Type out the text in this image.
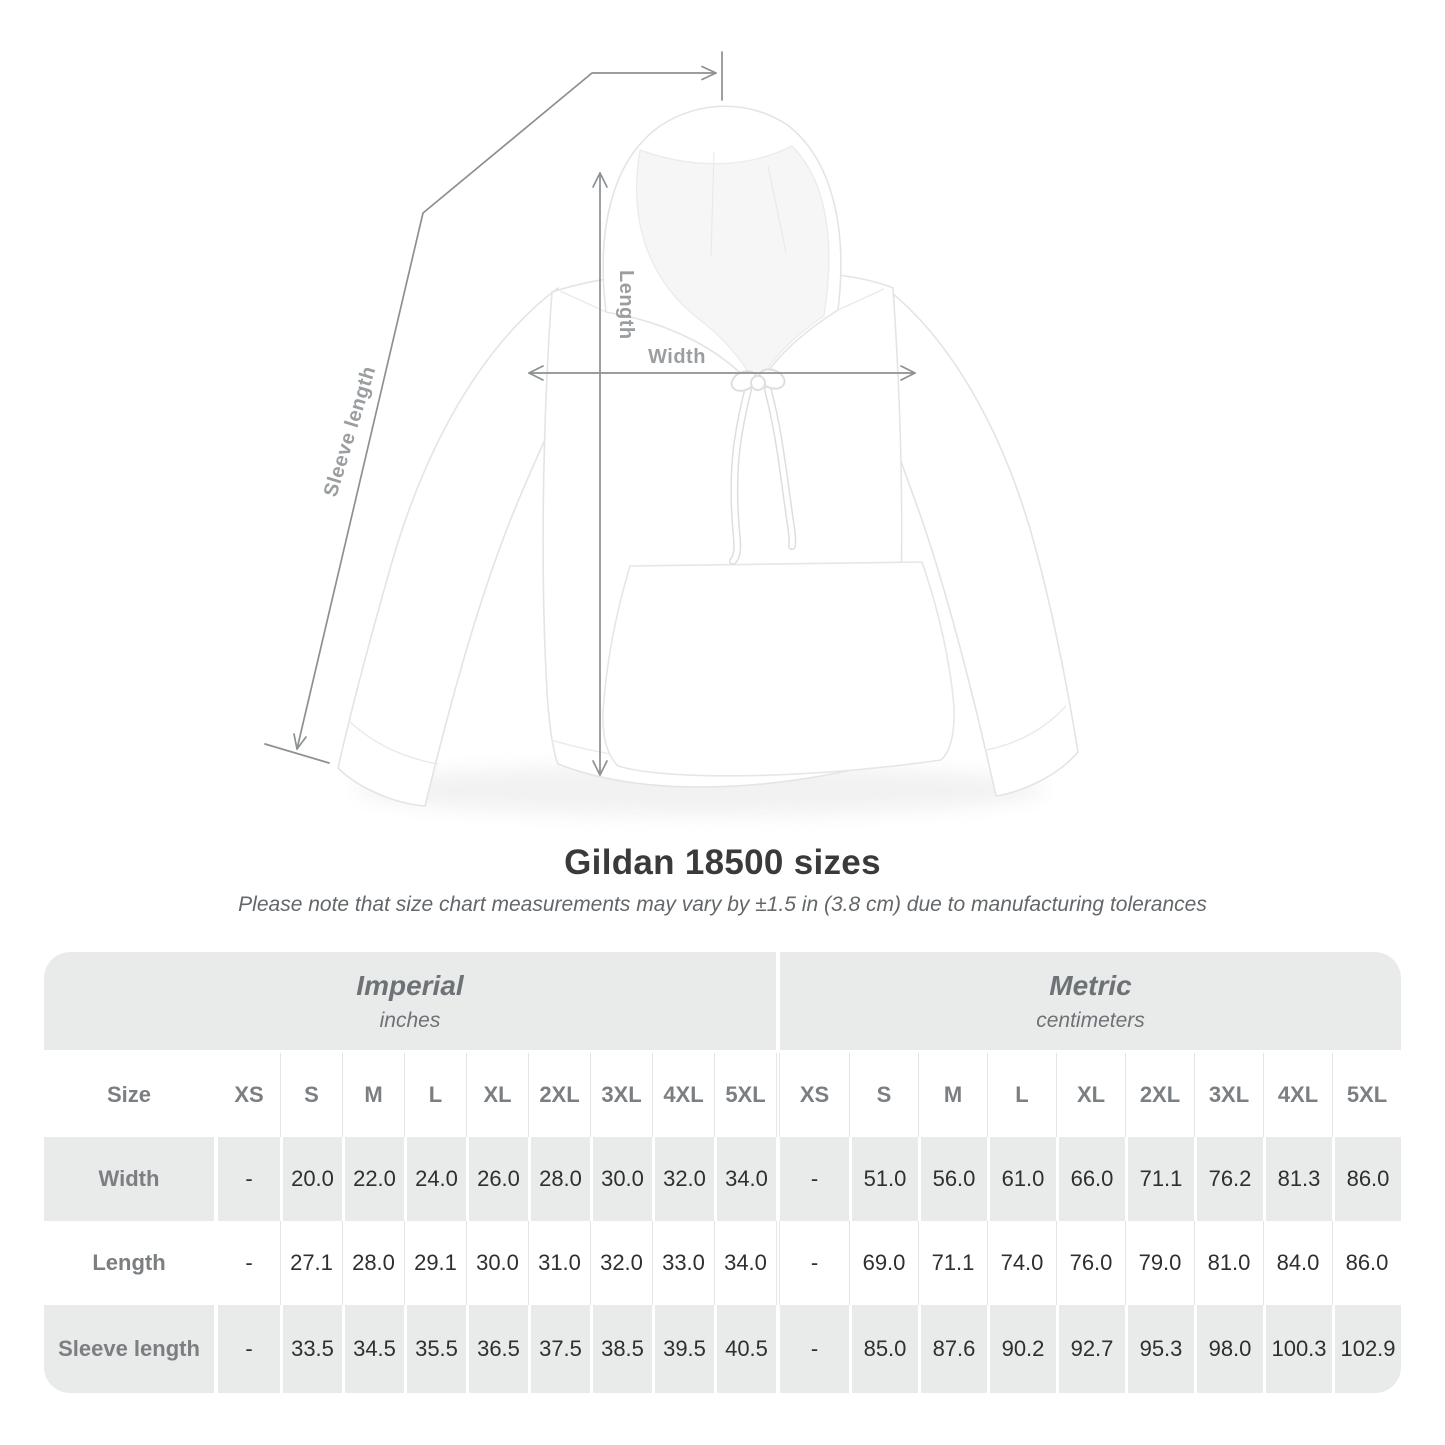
Length
Width
Sleeve length
Gildan 18500 sizes
Please note that size chart measurements may vary by ±1.5 in (3.8 cm) due to manufacturing tolerances
Imperial
inches
Metric
centimeters
Size	XS S M L XL 2XL 3XL 4XL 5XL XS S M L XL 2XL 3XL 4XL 5XL
Width	- 20.0 22.0 24.0 26.0 28.0 30.0 32.0 34.0 - 51.0 56.0 61.0 66.0 71.1 76.2 81.3 86.0
Length	- 27.1 28.0 29.1 30.0 31.0 32.0 33.0 34.0 - 69.0 71.1 74.0 76.0 79.0 81.0 84.0 86.0
Sleeve length - 33.5 34.5 35.5 36.5 37.5 38.5 39.5 40.5 - 85.0 87.6 90.2 92.7 95.3 98.0 100.3 102.9
